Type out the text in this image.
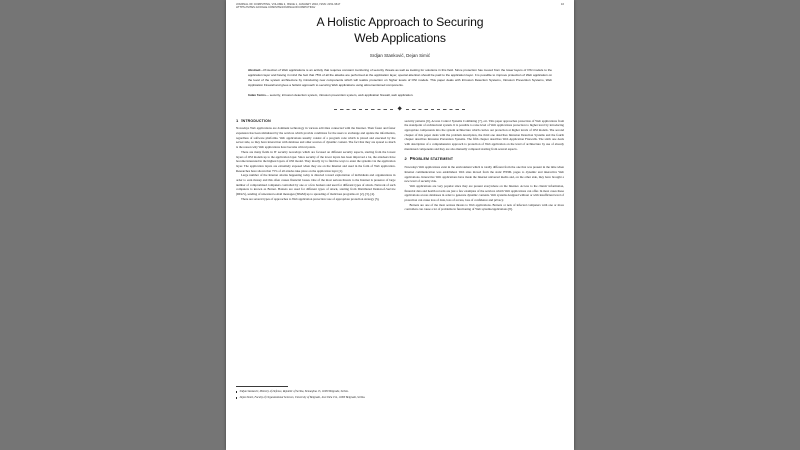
JOURNAL OF COMPUTING, VOLUME 2, ISSUE 1, JANUARY 2010, ISSN: 2151-9617
HTTPS://SITES.GOOGLE.COM/SITE/JOURNALOFCOMPUTING/
16
A Holistic Approach to Securing
Web Applications
Srdjan Stanković, Dejan Simić
Abstract—Protection of Web applications is an activity that requires constant monitoring of security threats as well as looking for solutions in this field. Since protection has moved from the lower layers of OSI models to the application layer and having in mind the fact that 75% of all the attacks are performed at the application layer, special attention should be paid to the application layer. It is possible to improve protection of Web application on the level of the system architecture by introducing new components which will realize protection on higher levels of OSI models. This paper deals with Intrusion Detection Systems, Intrusion Prevention Systems, Web Application Firewall and gives a holistic approach to securing Web applications using aforementioned components.
Index Terms— security, intrusion detection system, intrusion prevention system, web application firewall, web application.
1 INTRODUCTION

Nowadays Web applications are dominant technology in various activities connected with the Internet. Their faster and faster expansion has been stimulated by the services which provide conditions for the users to exchange and update the information, regardless of software platforms. Web applications usually consist of a program code which is placed and executed by the server side, so they have interaction with database and other sources of dynamic content. The fact that they are spread so much is the reason why Web applications have become critical points.

There are many fields in IT security nowadays which are focused on different security aspects, starting from the lowest layers of OSI models up to the application layer. Since security of the lower layers has been improved a lot, the attackers have become interested in the highest layers of OSI model. They mostly try to find the ways to enter the systems via the application layer. The application layers are extremely exposed when they are on the Internet and used in the form of Web application. Researches have shown that 75% of all attacks take place on the application layer [1].

Large number of the Internet attacks happening today is directed toward exploitation of individuals and organizations in order to earn money and this often causes financial losses. One of the most serious threats to the Internet is presence of large number of compromised computers controlled by one or a few hackers and used for different types of attack. Network of such computers is known as Botnet. Botnets are used for different types of attack, starting from Distributed Denial-of-Service (DDoS), sending of unwanted e-mail messages (SPAM) up to spreading of malicious programs etc [2], [3], [4].

There are several types of approaches to Web application protection: use of appropriate protection strategy [5],

Srdjan Stanković, Ministry of Defense, Republic of Serbia, Nemanjina 15, 11000 Belgrade, Serbia.
Dejan Simić, Faculty of Organizational Sciences, University of Belgrade, Jove Ilića 154, 11000 Belgrade, Serbia.

security patterns [6], Access Control Systems Combining [7], etc. This paper approaches protection of Web applications from the standpoint of architectural system. It is possible to raise level of Web applications protection to higher level by introducing appropriate components into the system architecture which carries out protection at higher levels of OSI models. The second chapter of this paper deals with the problem description, the third one describes Intrusion Detection Systems and the fourth chapter describes Intrusion Prevention Systems. The fifth chapter describes Web Application Firewalls. The sixth one deals with description of a comprehensive approach to protection of Web application on the level of architecture by use of already mentioned components and they are also mutually compared starting from several aspects.

2 PROBLEM STATEMENT

Nowadays Web applications exist in the environment which is totally different from the one that was present in the time when Internet communication was established. Web sites moved from the static HTML pages to dynamic and interactive Web applications. Interactive Web applications have made the Internet universal media and, on the other side, they have brought a new level of security risk.

Web applications are very popular since they are present everywhere on the Internet. Access to the clients' information, financial data and health records are just a few examples of the services which Web applications can offer. In most cases these applications access databases in order to generate dynamic contents. Web systems designed without or with insufficient level of protection can cause loss of data, loss of access, loss of confidence and privacy.

Botnets are one of the most serious threats to Web applications. Botnets or nets of infected computers with one or more controllers can cause a lot of problems in functioning of Web systems/applications [8].
